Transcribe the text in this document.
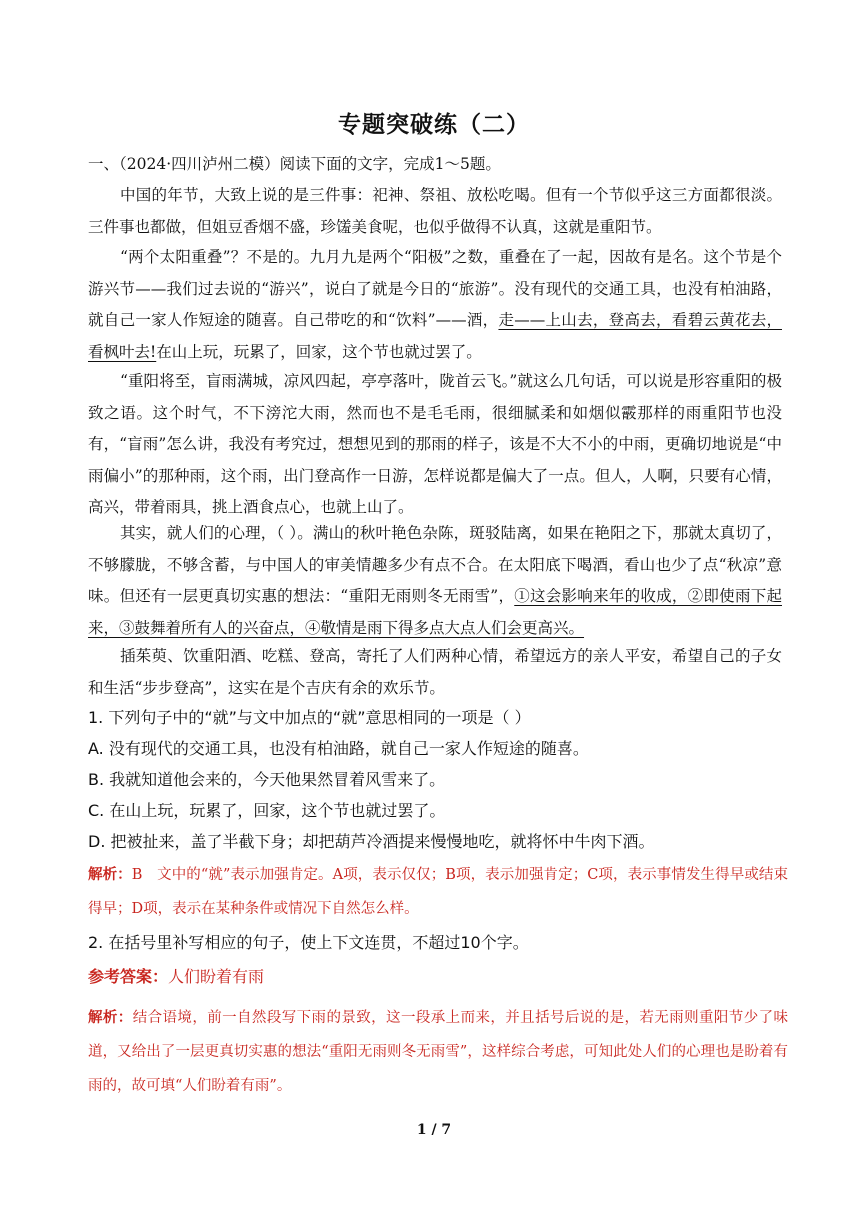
专题突破练（二）
一、（2024·四川泸州二模）阅读下面的文字，完成1～5题。
中国的年节，大致上说的是三件事：祀神、祭祖、放松吃喝。但有一个节似乎这三方面都很淡。三件事也都做，但姐豆香烟不盛，珍馐美食呢，也似乎做得不认真，这就是重阳节。
“两个太阳重叠”？不是的。九月九是两个“阳极”之数，重叠在了一起，因故有是名。这个节是个游兴节——我们过去说的“游兴”，说白了就是今日的“旅游”。没有现代的交通工具，也没有柏油路，就自己一家人作短途的随喜。自己带吃的和“饮料”——酒，走——上山去，登高去，看碧云黄花去，看枫叶去!在山上玩，玩累了，回家，这个节也就过罢了。
“重阳将至，盲雨满城，凉风四起，亭亭落叶，陇首云飞。”就这么几句话，可以说是形容重阳的极致之语。这个时气，不下滂沱大雨，然而也不是毛毛雨，很细腻柔和如烟似霰那样的雨重阳节也没有，“盲雨”怎么讲，我没有考究过，想想见到的那雨的样子，该是不大不小的中雨，更确切地说是“中雨偏小”的那种雨，这个雨，出门登高作一日游，怎样说都是偏大了一点。但人，人啊，只要有心情，高兴，带着雨具，挑上酒食点心，也就上山了。
其实，就人们的心理，（ ）。满山的秋叶艳色杂陈，斑驳陆离，如果在艳阳之下，那就太真切了，不够朦胧，不够含蓄，与中国人的审美情趣多少有点不合。在太阳底下喝酒，看山也少了点“秋凉”意味。但还有一层更真切实惠的想法：“重阳无雨则冬无雨雪”，①这会影响来年的收成，②即使雨下起来，③鼓舞着所有人的兴奋点，④敬情是雨下得多点大点人们会更高兴。
插茱萸、饮重阳酒、吃糕、登高，寄托了人们两种心情，希望远方的亲人平安，希望自己的子女和生活“步步登高”，这实在是个吉庆有余的欢乐节。
1. 下列句子中的“就”与文中加点的“就”意思相同的一项是（ ）
A. 没有现代的交通工具，也没有柏油路，就自己一家人作短途的随喜。
B. 我就知道他会来的，今天他果然冒着风雪来了。
C. 在山上玩，玩累了，回家，这个节也就过罢了。
D. 把被扯来，盖了半截下身；却把葫芦冷酒提来慢慢地吃，就将怀中牛肉下酒。
解析：B　文中的“就”表示加强肯定。A项，表示仅仅；B项，表示加强肯定；C项，表示事情发生得早或结束得早；D项，表示在某种条件或情况下自然怎么样。
2. 在括号里补写相应的句子，使上下文连贯，不超过10个字。
参考答案：人们盼着有雨
解析：结合语境，前一自然段写下雨的景致，这一段承上而来，并且括号后说的是，若无雨则重阳节少了味道，又给出了一层更真切实惠的想法“重阳无雨则冬无雨雪”，这样综合考虑，可知此处人们的心理也是盼着有雨的，故可填“人们盼着有雨”。
1 / 7
